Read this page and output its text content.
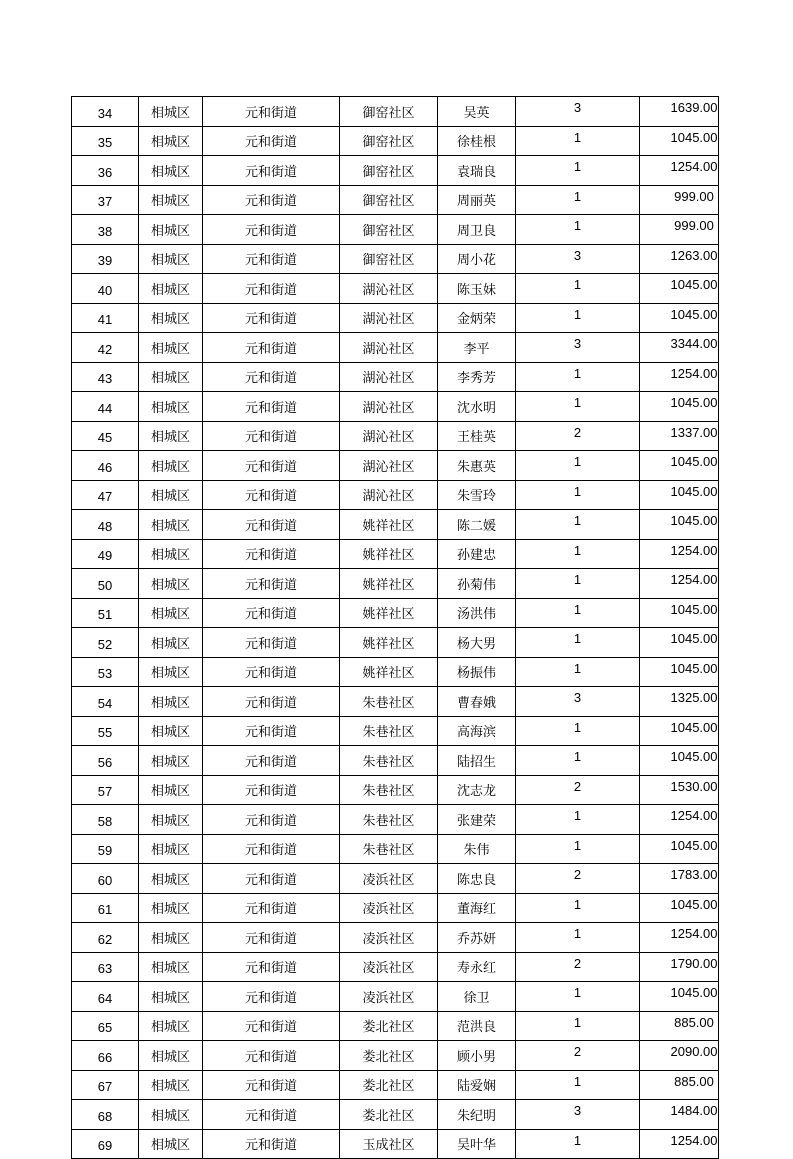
34	相城区	元和街道	御窑社区	吴英	3	1639.00
35	相城区	元和街道	御窑社区	徐桂根	1	1045.00
36	相城区	元和街道	御窑社区	袁瑞良	1	1254.00
37	相城区	元和街道	御窑社区	周丽英	1	999.00
38	相城区	元和街道	御窑社区	周卫良	1	999.00
39	相城区	元和街道	御窑社区	周小花	3	1263.00
40	相城区	元和街道	湖沁社区	陈玉妹	1	1045.00
41	相城区	元和街道	湖沁社区	金炳荣	1	1045.00
42	相城区	元和街道	湖沁社区	李平	3	3344.00
43	相城区	元和街道	湖沁社区	李秀芳	1	1254.00
44	相城区	元和街道	湖沁社区	沈水明	1	1045.00
45	相城区	元和街道	湖沁社区	王桂英	2	1337.00
46	相城区	元和街道	湖沁社区	朱惠英	1	1045.00
47	相城区	元和街道	湖沁社区	朱雪玲	1	1045.00
48	相城区	元和街道	姚祥社区	陈二媛	1	1045.00
49	相城区	元和街道	姚祥社区	孙建忠	1	1254.00
50	相城区	元和街道	姚祥社区	孙菊伟	1	1254.00
51	相城区	元和街道	姚祥社区	汤洪伟	1	1045.00
52	相城区	元和街道	姚祥社区	杨大男	1	1045.00
53	相城区	元和街道	姚祥社区	杨振伟	1	1045.00
54	相城区	元和街道	朱巷社区	曹春娥	3	1325.00
55	相城区	元和街道	朱巷社区	高海滨	1	1045.00
56	相城区	元和街道	朱巷社区	陆招生	1	1045.00
57	相城区	元和街道	朱巷社区	沈志龙	2	1530.00
58	相城区	元和街道	朱巷社区	张建荣	1	1254.00
59	相城区	元和街道	朱巷社区	朱伟	1	1045.00
60	相城区	元和街道	凌浜社区	陈忠良	2	1783.00
61	相城区	元和街道	凌浜社区	董海红	1	1045.00
62	相城区	元和街道	凌浜社区	乔苏妍	1	1254.00
63	相城区	元和街道	凌浜社区	寿永红	2	1790.00
64	相城区	元和街道	凌浜社区	徐卫	1	1045.00
65	相城区	元和街道	娄北社区	范洪良	1	885.00
66	相城区	元和街道	娄北社区	顾小男	2	2090.00
67	相城区	元和街道	娄北社区	陆爱娴	1	885.00
68	相城区	元和街道	娄北社区	朱纪明	3	1484.00
69	相城区	元和街道	玉成社区	吴叶华	1	1254.00
